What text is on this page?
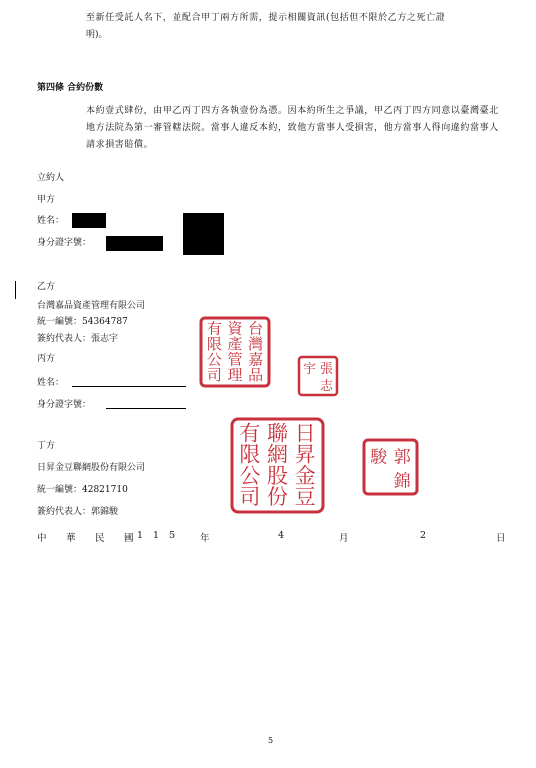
至新任受託人名下，並配合甲丁兩方所需，提示相關資訊(包括但不限於乙方之死亡證
明)。
第四條 合約份數
本約壹式肆份，由甲乙丙丁四方各執壹份為憑。因本約所生之爭議，甲乙丙丁四方同意以臺灣臺北地方法院為第一審管轄法院。當事人違反本約，致他方當事人受損害，他方當事人得向違約當事人請求損害賠償。
立約人
甲方
姓名：
身分證字號：
乙方
台灣嘉品資產管理有限公司
統一編號：54364787
簽約代表人：張志宇
丙方
姓名：
身分證字號：
丁方
日昇金豆聯網股份有限公司
統一編號：42821710
簽約代表人：郭錦駿
中　華　民　國
115 年	4	月	2	日
台
灣
嘉
品
資
產
管
理
有
限
公
司	張
志
宇
日
昇
金
豆
聯
網
股
份
有
限
公
司
郭
錦
駿
5
